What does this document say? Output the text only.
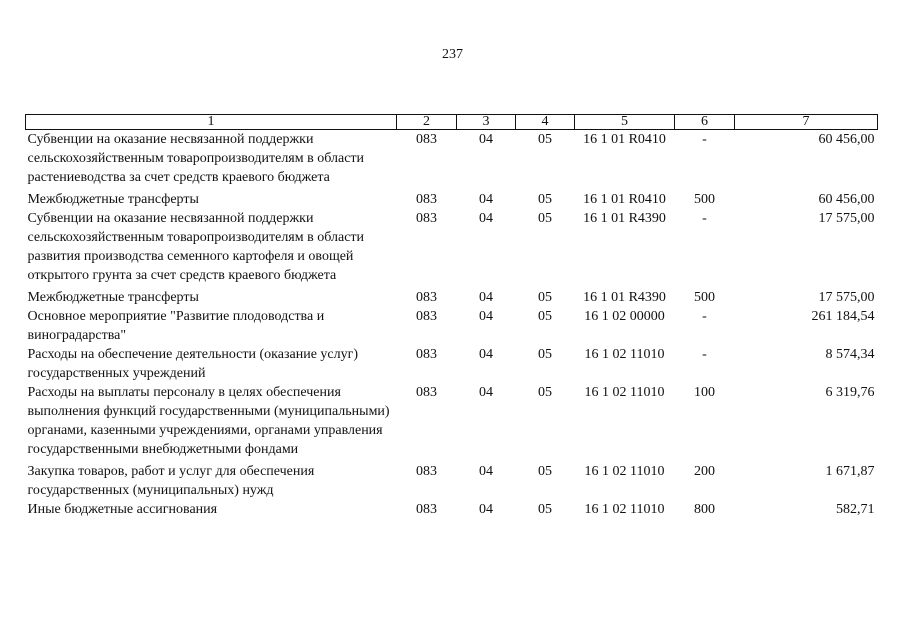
237
1	2	3	4	5	6	7
Субвенции на оказание несвязанной поддержки сельскохозяйственным товаропроизводителям в области растениеводства за счет средств краевого бюджета	083	04	05	16 1 01 R0410	-	60 456,00
Межбюджетные трансферты	083	04	05	16 1 01 R0410	500	60 456,00
Субвенции на оказание несвязанной поддержки сельскохозяйственным товаропроизводителям в области развития производства семенного картофеля и овощей открытого грунта за счет средств краевого бюджета	083	04	05	16 1 01 R4390	-	17 575,00
Межбюджетные трансферты	083	04	05	16 1 01 R4390	500	17 575,00
Основное мероприятие "Развитие плодоводства и виноградарства"	083	04	05	16 1 02 00000	-	261 184,54
Расходы на обеспечение деятельности (оказание услуг) государственных учреждений	083	04	05	16 1 02 11010	-	8 574,34
Расходы на выплаты персоналу в целях обеспечения выполнения функций государственными (муниципальными) органами, казенными учреждениями, органами управления государственными внебюджетными фондами	083	04	05	16 1 02 11010	100	6 319,76
Закупка товаров, работ и услуг для обеспечения государственных (муниципальных) нужд	083	04	05	16 1 02 11010	200	1 671,87
Иные бюджетные ассигнования	083	04	05	16 1 02 11010	800	582,71
